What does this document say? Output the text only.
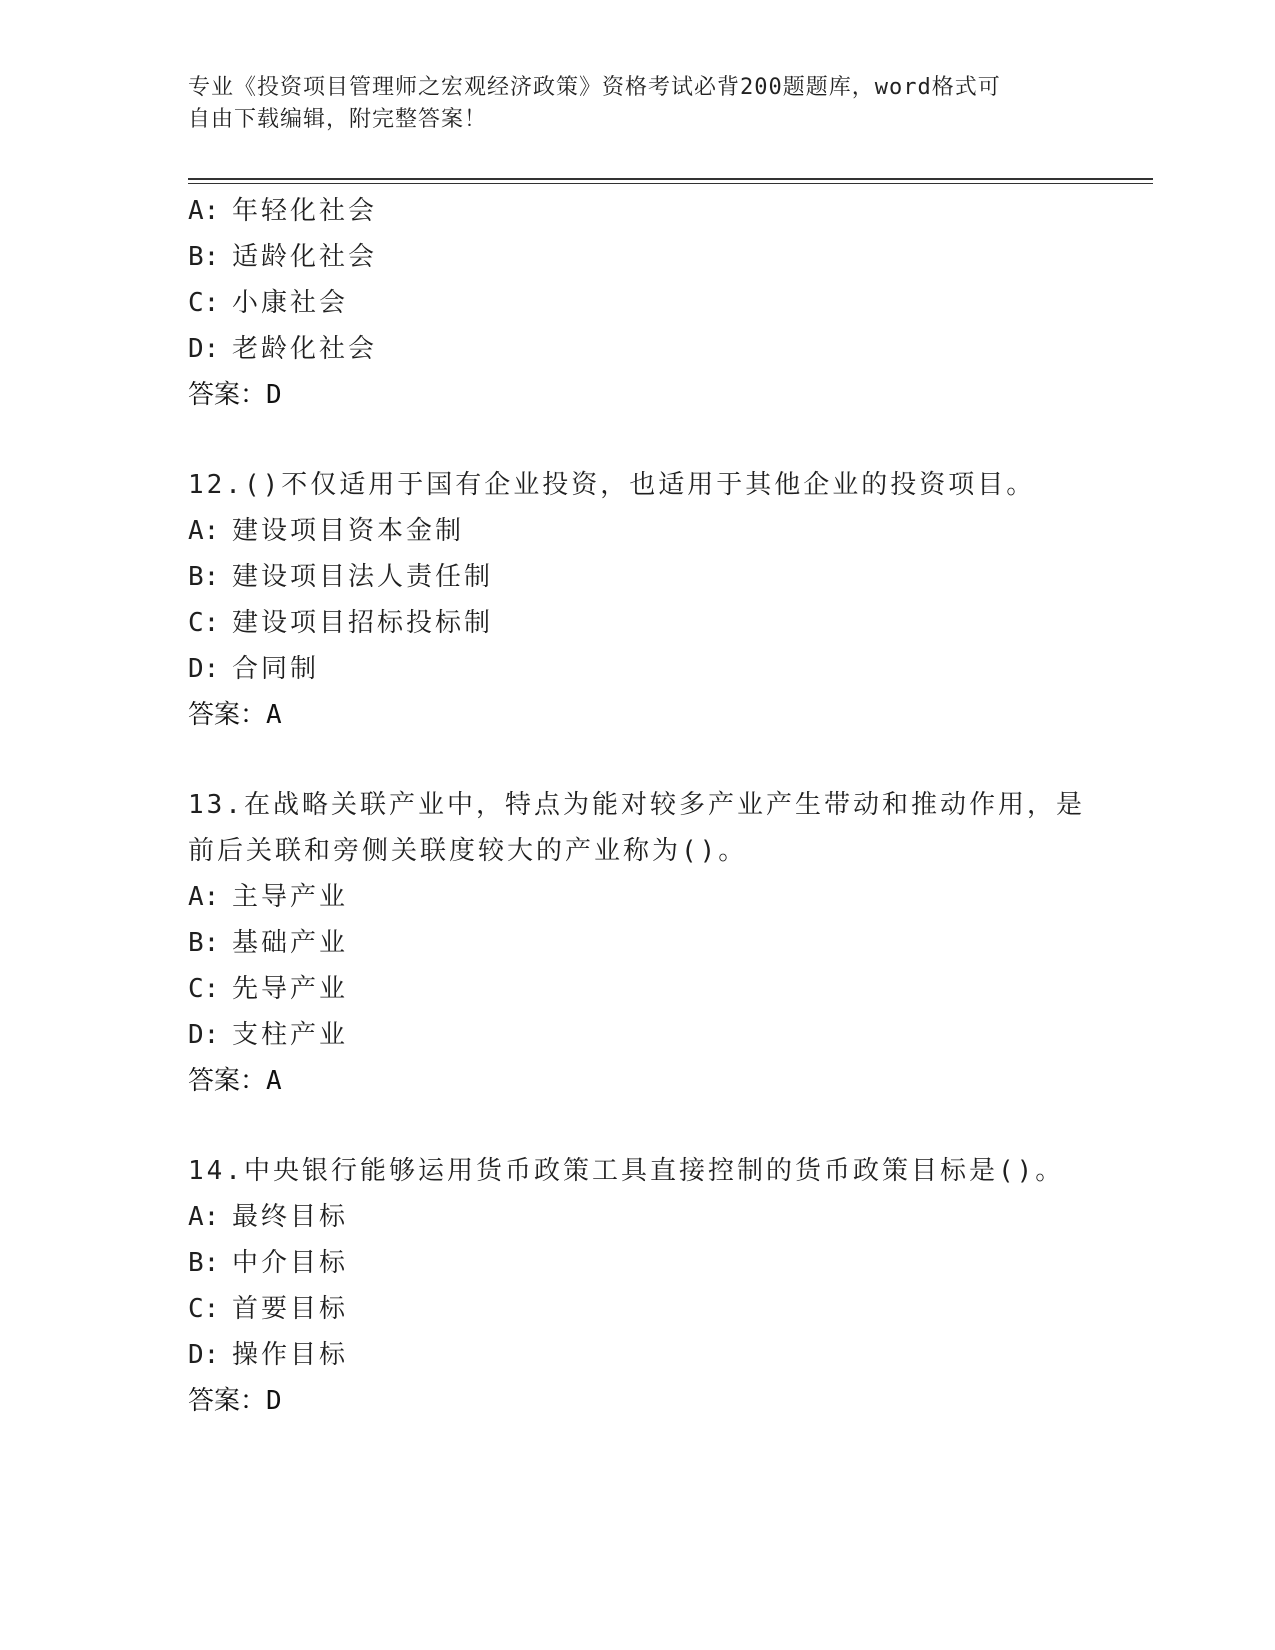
专业《投资项目管理师之宏观经济政策》资格考试必背200题题库，word格式可
自由下载编辑，附完整答案！
A: 年轻化社会
B: 适龄化社会
C: 小康社会
D: 老龄化社会
答案：D
12.()不仅适用于国有企业投资，也适用于其他企业的投资项目。
A: 建设项目资本金制
B: 建设项目法人责任制
C: 建设项目招标投标制
D: 合同制
答案：A
13.在战略关联产业中，特点为能对较多产业产生带动和推动作用，是
前后关联和旁侧关联度较大的产业称为()。
A: 主导产业
B: 基础产业
C: 先导产业
D: 支柱产业
答案：A
14.中央银行能够运用货币政策工具直接控制的货币政策目标是()。
A: 最终目标
B: 中介目标
C: 首要目标
D: 操作目标
答案：D
